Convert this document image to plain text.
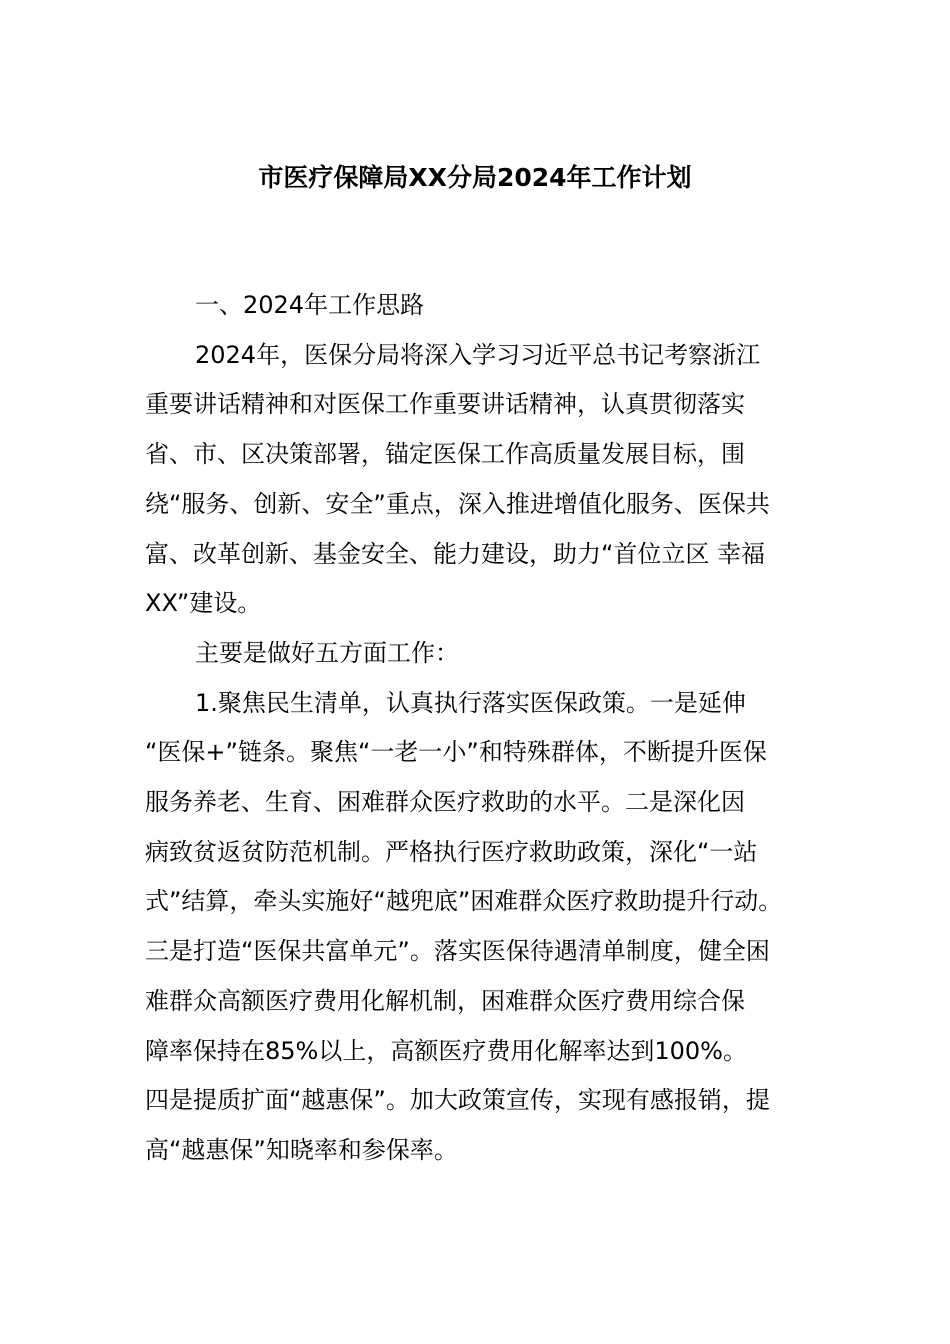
市医疗保障局XX分局2024年工作计划

一、2024年工作思路

2024年，医保分局将深入学习习近平总书记考察浙江
重要讲话精神和对医保工作重要讲话精神，认真贯彻落实
省、市、区决策部署，锚定医保工作高质量发展目标，围
绕“服务、创新、安全”重点，深入推进增值化服务、医保共
富、改革创新、基金安全、能力建设，助力“首位立区 幸福
XX”建设。

主要是做好五方面工作：

1.聚焦民生清单，认真执行落实医保政策。一是延伸
“医保+”链条。聚焦“一老一小”和特殊群体，不断提升医保
服务养老、生育、困难群众医疗救助的水平。二是深化因
病致贫返贫防范机制。严格执行医疗救助政策，深化“一站
式”结算，牵头实施好“越兜底”困难群众医疗救助提升行动。
三是打造“医保共富单元”。落实医保待遇清单制度，健全困
难群众高额医疗费用化解机制，困难群众医疗费用综合保
障率保持在85%以上，高额医疗费用化解率达到100%。
四是提质扩面“越惠保”。加大政策宣传，实现有感报销，提
高“越惠保”知晓率和参保率。
